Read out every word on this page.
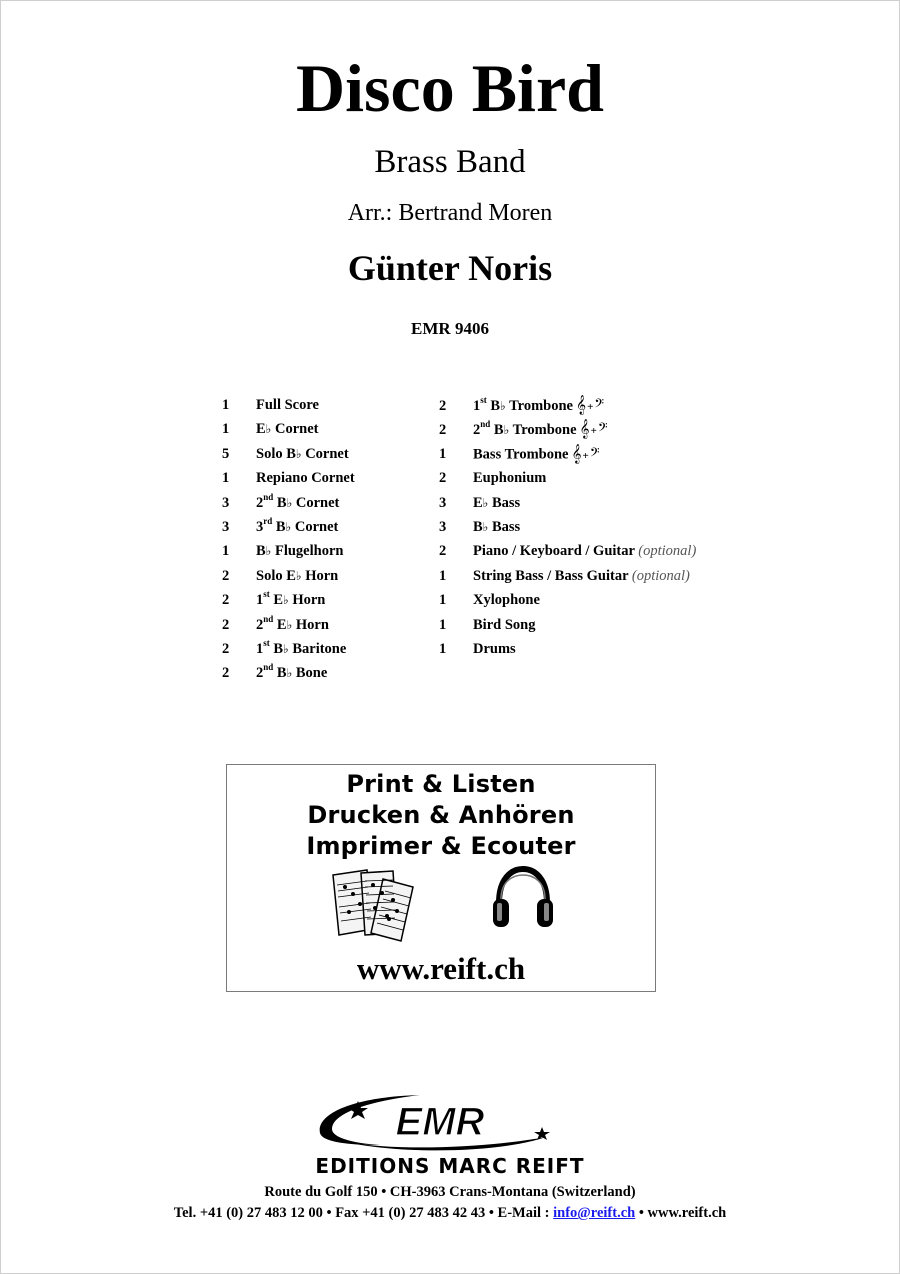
Disco Bird
Brass Band
Arr.: Bertrand Moren
Günter Noris
EMR 9406
1 Full Score
1 E♭ Cornet
5 Solo B♭ Cornet
1 Repiano Cornet
3 2nd B♭ Cornet
3 3rd B♭ Cornet
1 B♭ Flugelhorn
2 Solo E♭ Horn
2 1st E♭ Horn
2 2nd E♭ Horn
2 1st B♭ Baritone
2 2nd B♭ Bone
2 1st B♭ Trombone 𝄞+𝄢
2 2nd B♭ Trombone 𝄞+𝄢
1 Bass Trombone 𝄞+𝄢
2 Euphonium
3 E♭ Bass
3 B♭ Bass
2 Piano / Keyboard / Guitar (optional)
1 String Bass / Bass Guitar (optional)
1 Xylophone
1 Bird Song
1 Drums
Print & Listen
Drucken & Anhören
Imprimer & Ecouter
www.reift.ch
EMR
EDITIONS MARC REIFT
Route du Golf 150 • CH-3963 Crans-Montana (Switzerland)
Tel. +41 (0) 27 483 12 00 • Fax +41 (0) 27 483 42 43 • E-Mail : info@reift.ch • www.reift.ch
